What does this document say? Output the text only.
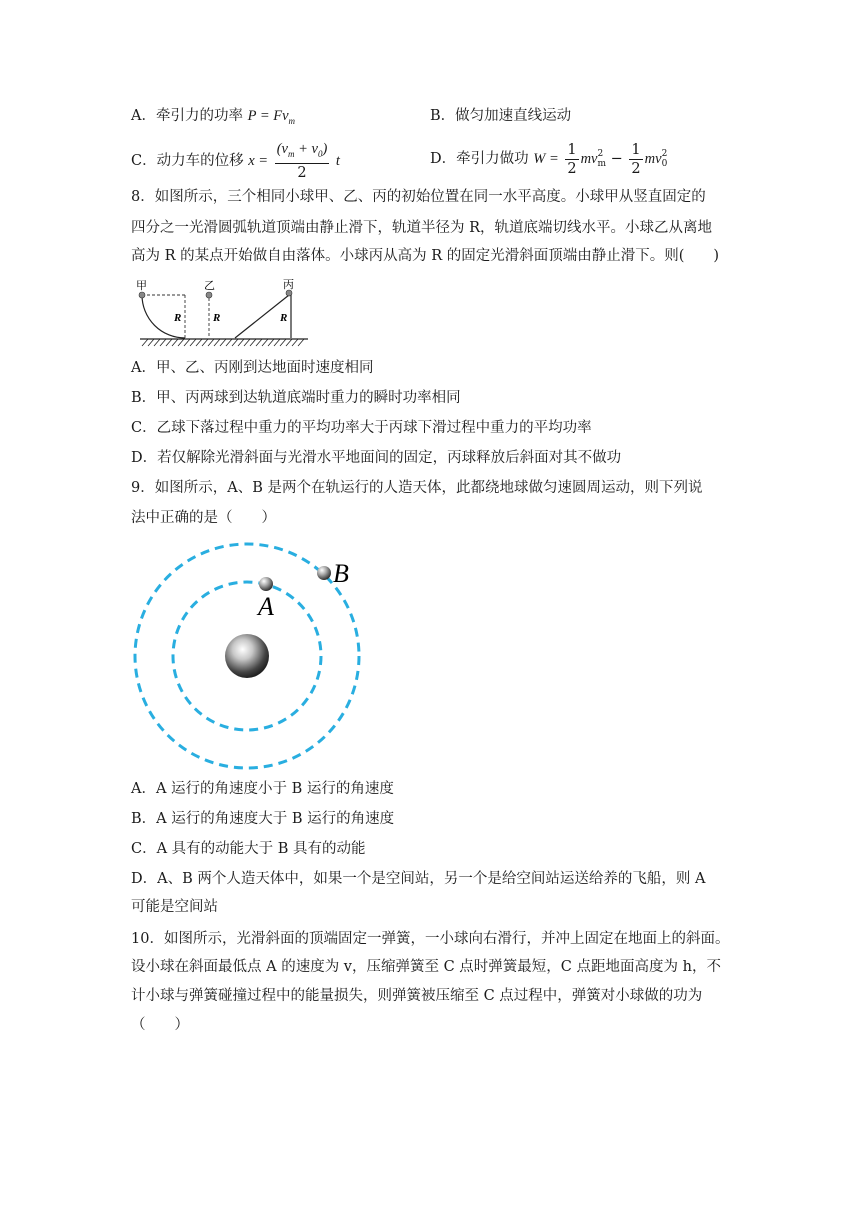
A．牵引力的功率 $P = Fv_m$	B．做匀加速直线运动
C．动力车的位移 $x = \frac{(v_m + v_0)}{2}$ t	D．牵引力做功 $W = \frac{1}{2}$ mv 2
$m - \frac{1}{2}$ mv 2
0
8．如图所示，三个相同小球甲、乙、丙的初始位置在同一水平高度。小球甲从竖直固定的
四分之一光滑圆弧轨道顶端由静止滑下，轨道半径为 R，轨道底端切线水平。小球乙从离地
高为 R 的某点开始做自由落体。小球丙从高为 R 的固定光滑斜面顶端由静止滑下。则(　　)
甲
R
乙
R
丙
R
A．甲、乙、丙刚到达地面时速度相同
B．甲、丙两球到达轨道底端时重力的瞬时功率相同
C．乙球下落过程中重力的平均功率大于丙球下滑过程中重力的平均功率
D．若仅解除光滑斜面与光滑水平地面间的固定，丙球释放后斜面对其不做功
9．如图所示，A、B 是两个在轨运行的人造天体，此都绕地球做匀速圆周运动，则下列说
法中正确的是（　　）
A
B
A．A 运行的角速度小于 B 运行的角速度
B．A 运行的角速度大于 B 运行的角速度
C．A 具有的动能大于 B 具有的动能
D．A、B 两个人造天体中，如果一个是空间站，另一个是给空间站运送给养的飞船，则 A
可能是空间站
10．如图所示，光滑斜面的顶端固定一弹簧，一小球向右滑行，并冲上固定在地面上的斜面。
设小球在斜面最低点 A 的速度为 v，压缩弹簧至 C 点时弹簧最短，C 点距地面高度为 h，不
计小球与弹簧碰撞过程中的能量损失，则弹簧被压缩至 C 点过程中，弹簧对小球做的功为
（　　）
